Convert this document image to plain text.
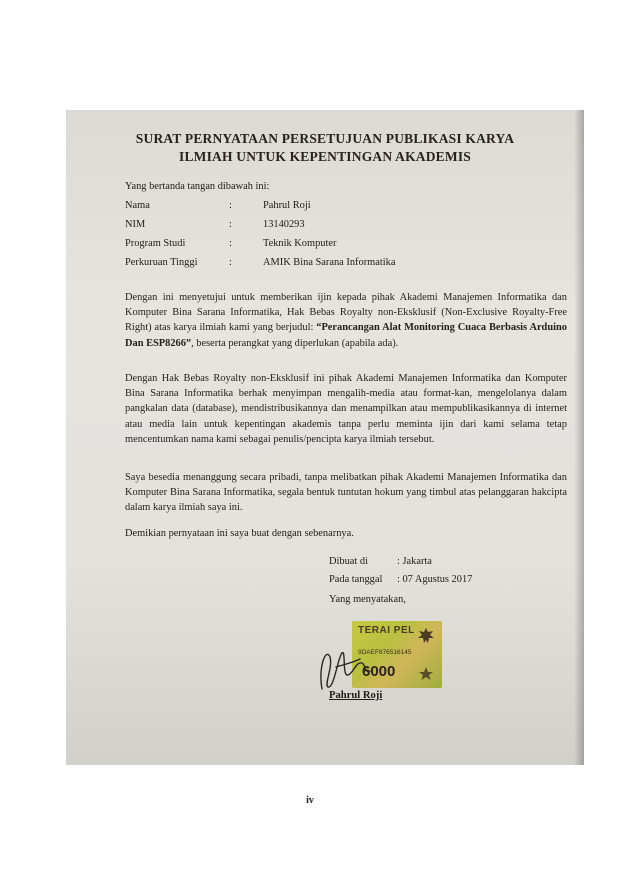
SURAT PERNYATAAN PERSETUJUAN PUBLIKASI KARYA
ILMIAH UNTUK KEPENTINGAN AKADEMIS
Yang bertanda tangan dibawah ini:
Nama	:	Pahrul Roji
NIM	:	13140293
Program Studi	:	Teknik Komputer
Perkuruan Tinggi	:	AMIK Bina Sarana Informatika
Dengan ini menyetujui untuk memberikan ijin kepada pihak Akademi Manajemen Informatika dan Komputer Bina Sarana Informatika, Hak Bebas Royalty non-Eksklusif (Non-Exclusive Royalty-Free Right) atas karya ilmiah kami yang berjudul: “Perancangan Alat Monitoring Cuaca Berbasis Arduino Dan ESP8266”, beserta perangkat yang diperlukan (apabila ada).
Dengan Hak Bebas Royalty non-Eksklusif ini pihak Akademi Manajemen Informatika dan Komputer Bina Sarana Informatika berhak menyimpan mengalih-media atau format-kan, mengelolanya dalam pangkalan data (database), mendistribusikannya dan menampilkan atau mempublikasikannya di internet atau media lain untuk kepentingan akademis tanpa perlu meminta ijin dari kami selama tetap mencentumkan nama kami sebagai penulis/pencipta karya ilmiah tersebut.
Saya besedia menanggung secara pribadi, tanpa melibatkan pihak Akademi Manajemen Informatika dan Komputer Bina Sarana Informatika, segala bentuk tuntutan hokum yang timbul atas pelanggaran hakcipta dalam karya ilmiah saya ini.
Demikian pernyataan ini saya buat dengan sebenarnya.
Dibuat di	: Jakarta
Pada tanggal : 07 Agustus 2017
Yang menyatakan,
TERAI PEL
9DAEF876516145
6000
Pahrul Roji
iv
